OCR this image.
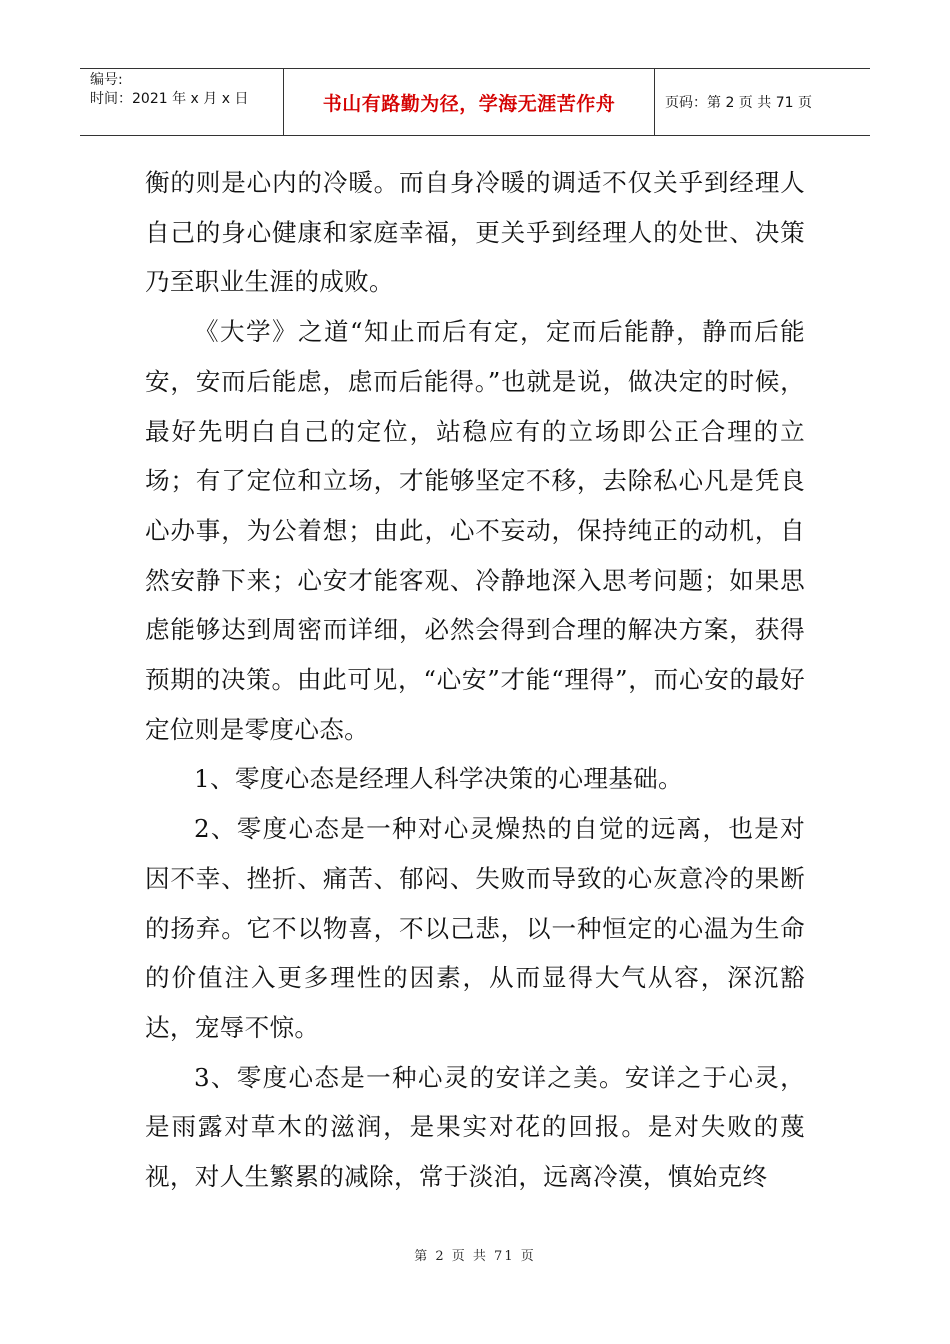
编号:
时间：2021 年 x 月 x 日	书山有路勤为径，学海无涯苦作舟	页码：第 2 页 共 71 页

衡的则是心内的冷暖。而自身冷暖的调适不仅关乎到经理人自己的身心健康和家庭幸福，更关乎到经理人的处世、决策乃至职业生涯的成败。

《大学》之道“知止而后有定，定而后能静，静而后能安，安而后能虑，虑而后能得。”也就是说，做决定的时候，最好先明白自己的定位，站稳应有的立场即公正合理的立场；有了定位和立场，才能够坚定不移，去除私心凡是凭良心办事，为公着想；由此，心不妄动，保持纯正的动机，自然安静下来；心安才能客观、冷静地深入思考问题；如果思虑能够达到周密而详细，必然会得到合理的解决方案，获得预期的决策。由此可见，“心安”才能“理得”，而心安的最好定位则是零度心态。

1、零度心态是经理人科学决策的心理基础。

2、零度心态是一种对心灵燥热的自觉的远离，也是对因不幸、挫折、痛苦、郁闷、失败而导致的心灰意冷的果断的扬弃。它不以物喜，不以己悲，以一种恒定的心温为生命的价值注入更多理性的因素，从而显得大气从容，深沉豁达，宠辱不惊。

3、零度心态是一种心灵的安详之美。安详之于心灵，是雨露对草木的滋润，是果实对花的回报。是对失败的蔑视，对人生繁累的减除，常于淡泊，远离冷漠，慎始克终

第 2 页 共 71 页
